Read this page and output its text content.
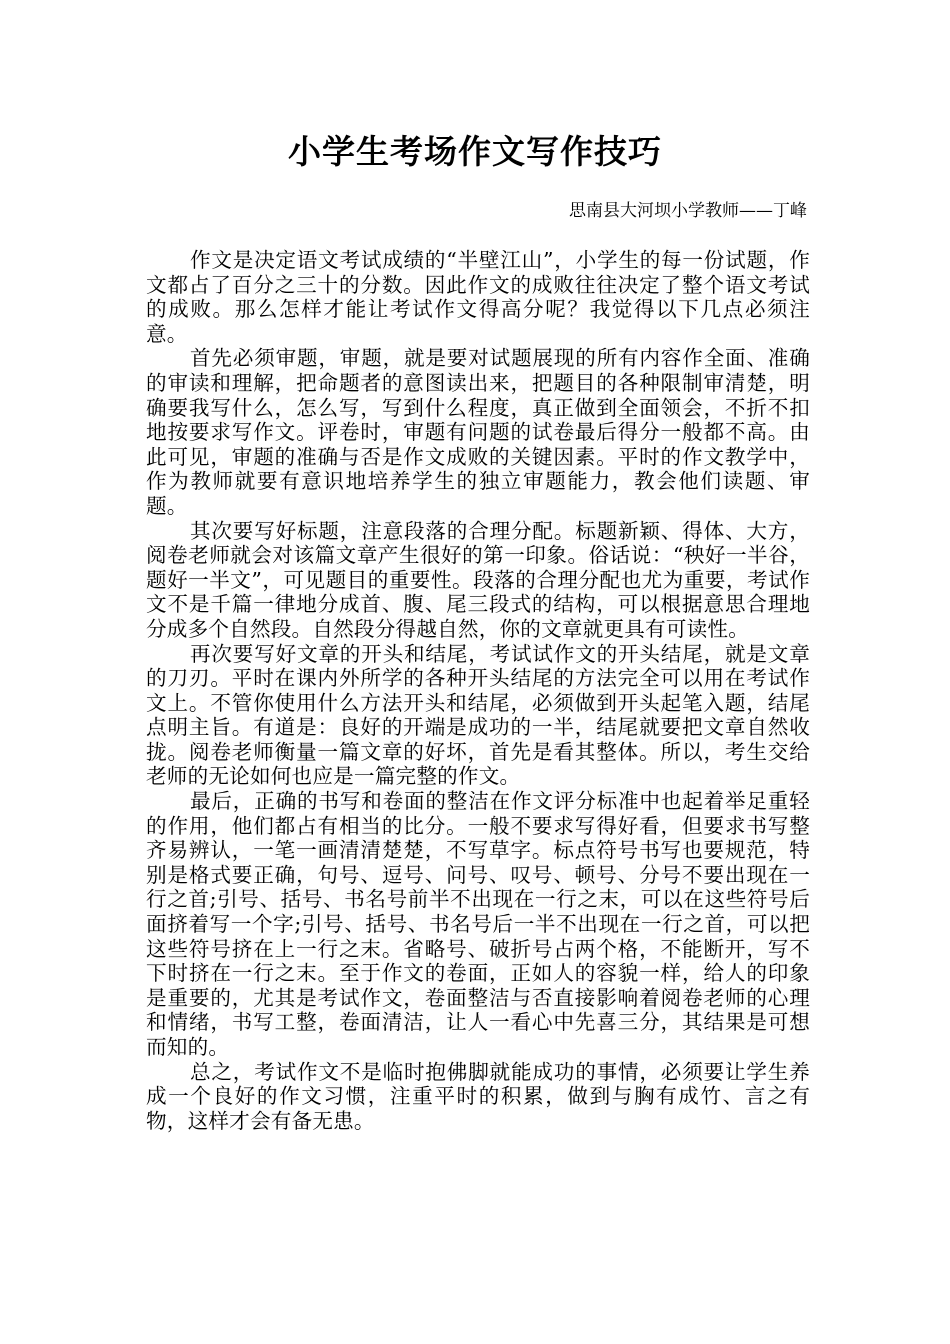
小学生考场作文写作技巧

思南县大河坝小学教师——丁峰

作文是决定语文考试成绩的“半壁江山”，小学生的每一份试题，作文都占了百分之三十的分数。因此作文的成败往往决定了整个语文考试的成败。那么怎样才能让考试作文得高分呢？我觉得以下几点必须注意。

首先必须审题，审题，就是要对试题展现的所有内容作全面、准确的审读和理解，把命题者的意图读出来，把题目的各种限制审清楚，明确要我写什么，怎么写，写到什么程度，真正做到全面领会，不折不扣地按要求写作文。评卷时，审题有问题的试卷最后得分一般都不高。由此可见，审题的准确与否是作文成败的关键因素。平时的作文教学中，作为教师就要有意识地培养学生的独立审题能力，教会他们读题、审题。

其次要写好标题，注意段落的合理分配。标题新颖、得体、大方，阅卷老师就会对该篇文章产生很好的第一印象。俗话说：“秧好一半谷，题好一半文”，可见题目的重要性。段落的合理分配也尤为重要，考试作文不是千篇一律地分成首、腹、尾三段式的结构，可以根据意思合理地分成多个自然段。自然段分得越自然，你的文章就更具有可读性。

再次要写好文章的开头和结尾，考试试作文的开头结尾，就是文章的刀刃。平时在课内外所学的各种开头结尾的方法完全可以用在考试作文上。不管你使用什么方法开头和结尾，必须做到开头起笔入题，结尾点明主旨。有道是：良好的开端是成功的一半，结尾就要把文章自然收拢。阅卷老师衡量一篇文章的好坏，首先是看其整体。所以，考生交给老师的无论如何也应是一篇完整的作文。

最后，正确的书写和卷面的整洁在作文评分标准中也起着举足重轻的作用，他们都占有相当的比分。一般不要求写得好看，但要求书写整齐易辨认，一笔一画清清楚楚，不写草字。标点符号书写也要规范，特别是格式要正确，句号、逗号、问号、叹号、顿号、分号不要出现在一行之首;引号、括号、书名号前半不出现在一行之末，可以在这些符号后面挤着写一个字;引号、括号、书名号后一半不出现在一行之首，可以把这些符号挤在上一行之末。省略号、破折号占两个格，不能断开，写不下时挤在一行之末。至于作文的卷面，正如人的容貌一样，给人的印象是重要的，尤其是考试作文，卷面整洁与否直接影响着阅卷老师的心理和情绪，书写工整，卷面清洁，让人一看心中先喜三分，其结果是可想而知的。

总之，考试作文不是临时抱佛脚就能成功的事情，必须要让学生养成一个良好的作文习惯，注重平时的积累，做到与胸有成竹、言之有物，这样才会有备无患。
